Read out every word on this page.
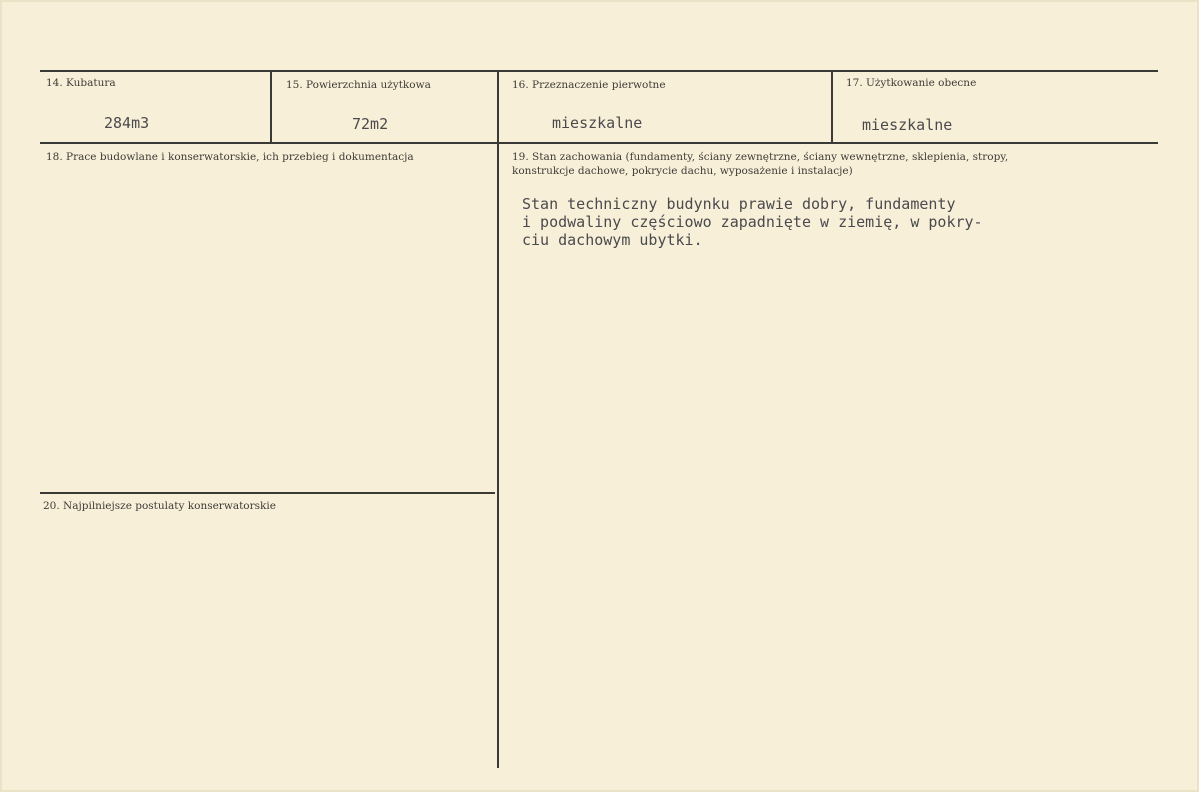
14. Kubatura
284m3
15. Powierzchnia użytkowa
72m2
16. Przeznaczenie pierwotne
mieszkalne
17. Użytkowanie obecne
mieszkalne
18. Prace budowlane i konserwatorskie, ich przebieg i dokumentacja	19. Stan zachowania (fundamenty, ściany zewnętrzne, ściany wewnętrzne, sklepienia, stropy,
konstrukcje dachowe, pokrycie dachu, wyposażenie i instalacje)
Stan techniczny budynku prawie dobry, fundamenty
i podwaliny częściowo zapadnięte w ziemię, w pokry-
ciu dachowym ubytki.
20. Najpilniejsze postulaty konserwatorskie
